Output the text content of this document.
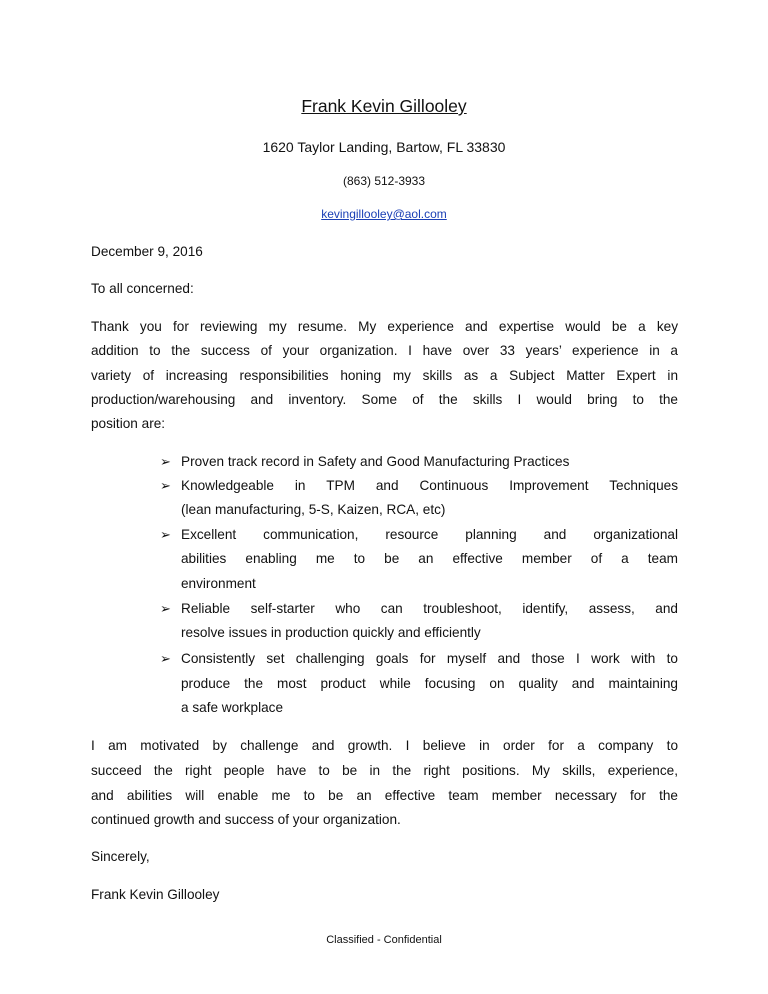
Frank Kevin Gillooley
1620 Taylor Landing, Bartow, FL 33830
(863) 512-3933
kevingillooley@aol.com
December 9, 2016
To all concerned:
Thank you for reviewing my resume. My experience and expertise would be a key
addition to the success of your organization. I have over 33 years’ experience in a
variety of increasing responsibilities honing my skills as a Subject Matter Expert in
production/warehousing and inventory. Some of the skills I would bring to the
position are:
➢ Proven track record in Safety and Good Manufacturing Practices
➢ Knowledgeable in TPM and Continuous Improvement Techniques
(lean manufacturing, 5-S, Kaizen, RCA, etc)
➢ Excellent communication, resource planning and organizational
abilities enabling me to be an effective member of a team
environment
➢ Reliable self-starter who can troubleshoot, identify, assess, and
resolve issues in production quickly and efficiently
➢ Consistently set challenging goals for myself and those I work with to
produce the most product while focusing on quality and maintaining
a safe workplace
I am motivated by challenge and growth. I believe in order for a company to
succeed the right people have to be in the right positions. My skills, experience,
and abilities will enable me to be an effective team member necessary for the
continued growth and success of your organization.
Sincerely,
Frank Kevin Gillooley
Classified - Confidential
